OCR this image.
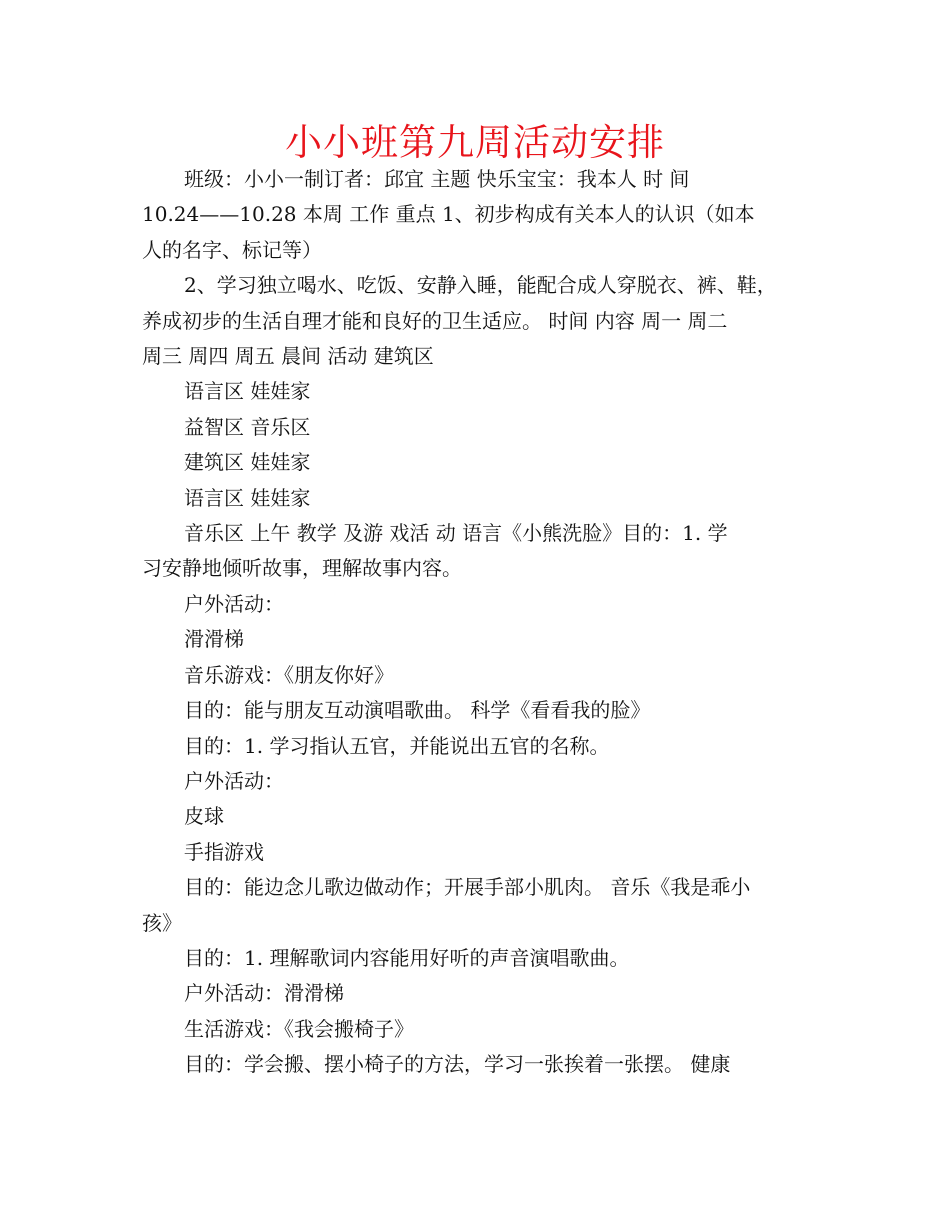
小小班第九周活动安排

班级：小小一制订者：邱宜 主题 快乐宝宝：我本人 时 间
10.24——10.28 本周 工作 重点 1、初步构成有关本人的认识（如本
人的名字、标记等）

2、学习独立喝水、吃饭、安静入睡，能配合成人穿脱衣、裤、鞋，
养成初步的生活自理才能和良好的卫生适应。 时间 内容 周一 周二
周三 周四 周五 晨间 活动 建筑区

语言区 娃娃家

益智区 音乐区

建筑区 娃娃家

语言区 娃娃家

音乐区 上午 教学 及游 戏活 动 语言《小熊洗脸》目的：1. 学
习安静地倾听故事，理解故事内容。

户外活动：

滑滑梯

音乐游戏：《朋友你好》

目的：能与朋友互动演唱歌曲。 科学《看看我的脸》

目的：1. 学习指认五官，并能说出五官的名称。

户外活动：

皮球

手指游戏

目的：能边念儿歌边做动作；开展手部小肌肉。 音乐《我是乖小
孩》

目的：1. 理解歌词内容能用好听的声音演唱歌曲。

户外活动：滑滑梯

生活游戏：《我会搬椅子》

目的：学会搬、摆小椅子的方法，学习一张挨着一张摆。 健康
